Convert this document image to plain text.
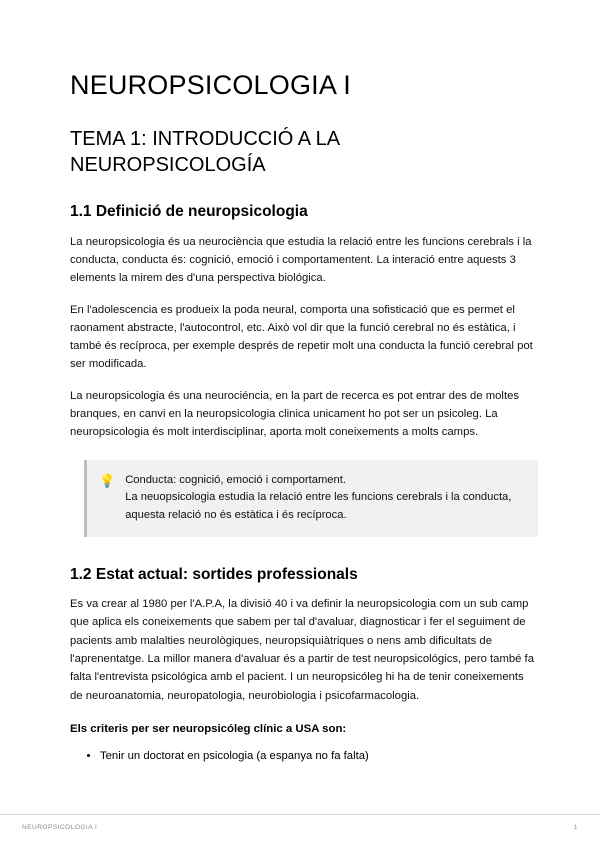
NEUROPSICOLOGIA I
TEMA 1: INTRODUCCIÓ A LA NEUROPSICOLOGÍA
1.1 Definició de neuropsicologia

La neuropsicologia és ua neurociència que estudia la relació entre les funcions cerebrals i la conducta, conducta és: cognició, emoció i comportamentent. La interació entre aquests 3 elements la mirem des d'una perspectiva biológica.

En l'adolescencia es produeix la poda neural, comporta una sofisticació que es permet el raonament abstracte, l'autocontrol, etc. Això vol dir que la funció cerebral no és estàtica, i també és recíproca, per exemple després de repetir molt una conducta la funció cerebral pot ser modificada.

La neuropsicologia és una neurociéncia, en la part de recerca es pot entrar des de moltes branques, en canvi en la neuropsicologia clinica unicament ho pot ser un psicoleg. La neuropsicologia és molt interdisciplinar, aporta molt coneixements a molts camps.

💡 Conducta: cognició, emoció i comportament.
La neuopsicologia estudia la relació entre les funcions cerebrals i la conducta, aquesta relació no és estàtica i és recíproca.
1.2 Estat actual: sortides professionals

Es va crear al 1980 per l'A.P.A, la divisió 40 i va definir la neuropsicologia com un sub camp que aplica els coneixements que sabem per tal d'avaluar, diagnosticar i fer el seguiment de pacients amb malalties neurològiques, neuropsiquiàtriques o nens amb dificultats de l'aprenentatge. La millor manera d'avaluar és a partir de test neuropsicológics, pero també fa falta l'entrevista psicológica amb el pacient. I un neuropsicóleg hi ha de tenir coneixements de neuroanatomia, neuropatologia, neurobiologia i psicofarmacologia.

Els criteris per ser neuropsicóleg clínic a USA son:

• Tenir un doctorat en psicologia (a espanya no fa falta)
NEUROPSICOLOGIA I	1
